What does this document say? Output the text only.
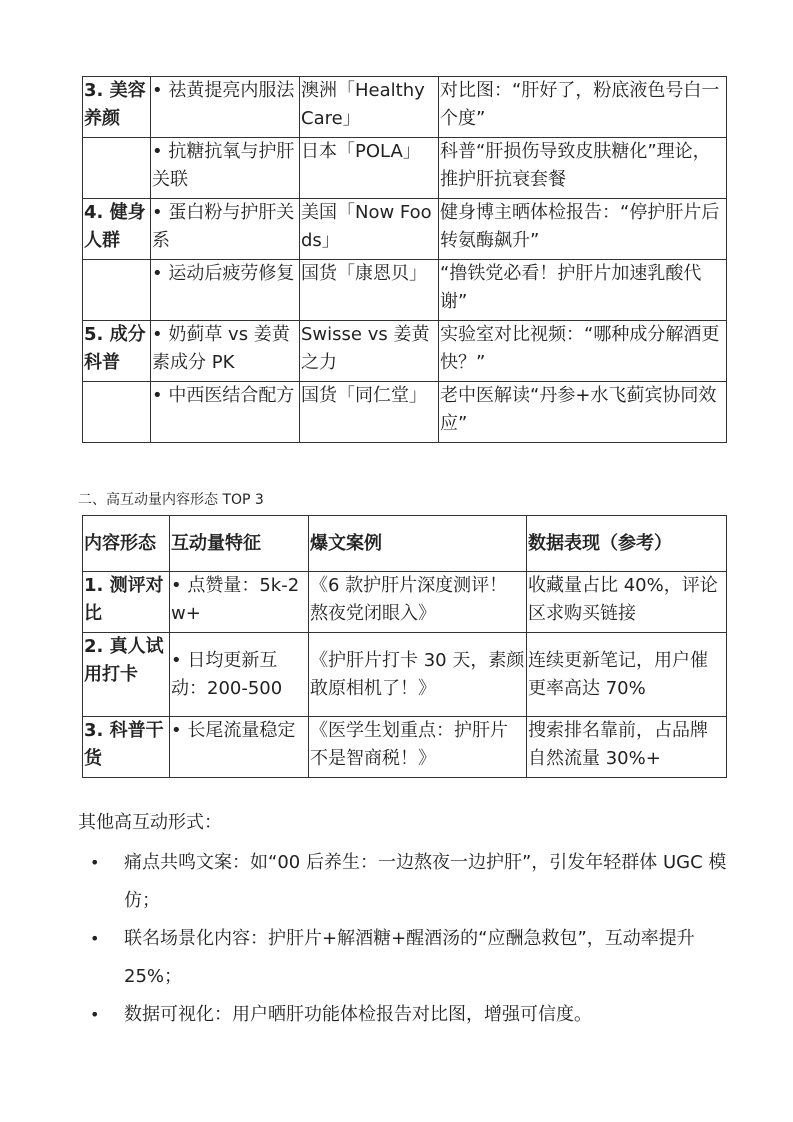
3. 美容养颜	• 祛黄提亮内服法	澳洲「Healthy Care」	对比图：“肝好了，粉底液色号白一个度”
	• 抗糖抗氧与护肝关联	日本「POLA」	科普“肝损伤导致皮肤糖化”理论，推护肝抗衰套餐
4. 健身人群	• 蛋白粉与护肝关系	美国「Now Foods」	健身博主晒体检报告：“停护肝片后转氨酶飙升”
	• 运动后疲劳修复	国货「康恩贝」	“撸铁党必看！护肝片加速乳酸代谢”
5. 成分科普	• 奶蓟草 vs 姜黄素成分 PK	Swisse vs 姜黄之力	实验室对比视频：“哪种成分解酒更快？”
	• 中西医结合配方	国货「同仁堂」	老中医解读“丹参+水飞蓟宾协同效应”
二、高互动量内容形态 TOP 3
内容形态	互动量特征	爆文案例	数据表现（参考）
1. 测评对比	• 点赞量：5k-2w+	《6 款护肝片深度测评！熬夜党闭眼入》	收藏量占比 40%，评论区求购买链接
2. 真人试用打卡	• 日均更新互动：200-500	《护肝片打卡 30 天，素颜敢原相机了！》	连续更新笔记，用户催更率高达 70%
3. 科普干货	• 长尾流量稳定	《医学生划重点：护肝片不是智商税！》	搜索排名靠前，占品牌自然流量 30%+
其他高互动形式：
• 痛点共鸣文案：如“00 后养生：一边熬夜一边护肝”，引发年轻群体 UGC 模仿；
• 联名场景化内容：护肝片+解酒糖+醒酒汤的“应酬急救包”，互动率提升 25%；
• 数据可视化：用户晒肝功能体检报告对比图，增强可信度。
